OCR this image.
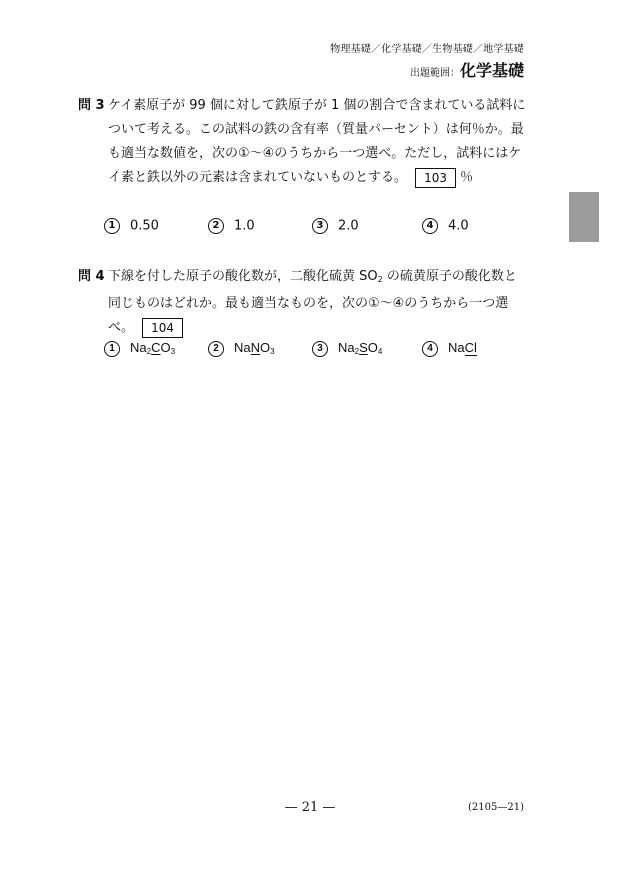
物理基礎／化学基礎／生物基礎／地学基礎
出題範囲：化学基礎
問 3 ケイ素原子が 99 個に対して鉄原子が 1 個の割合で含まれている試料について考える。この試料の鉄の含有率（質量パーセント）は何％か。最も適当な数値を，次の①～④のうちから一つ選べ。ただし，試料にはケイ素と鉄以外の元素は含まれていないものとする。 103 ％
1 0.50	2 1.0	3 2.0	4 4.0
問 4 下線を付した原子の酸化数が，二酸化硫黄 $SO_2$ の硫黄原子の酸化数と同じものはどれか。最も適当なものを，次の①～④のうちから一つ選べ。 104
1 $Na_2CO_3$	2 NaNO$_3$	3 $Na_2SO_4$	4 NaCl
— 21 —	(2105—21)
